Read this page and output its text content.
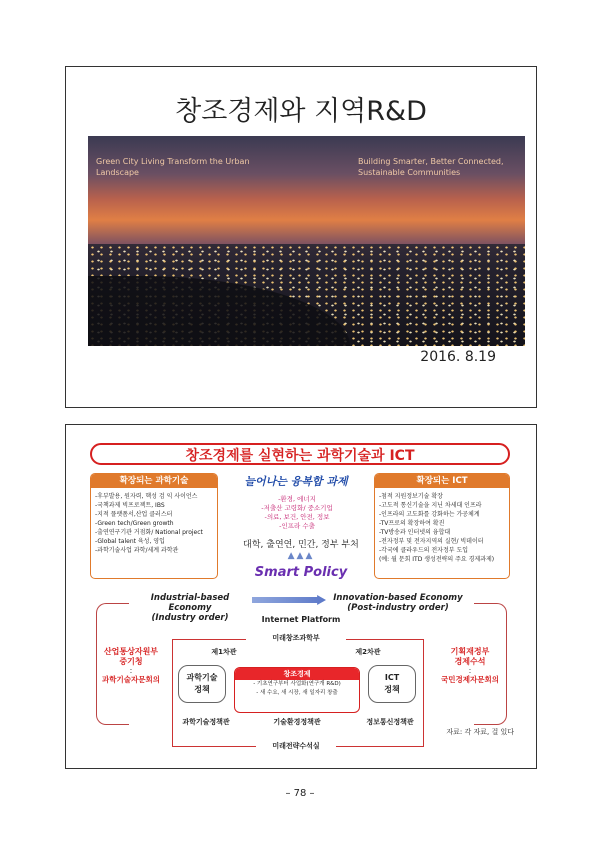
창조경제와 지역R&D
Green City Living Transform the Urban Landscape
Building Smarter, Better Connected, Sustainable Communities
2016. 8.19
창조경제를 실현하는 과학기술과 ICT
확장되는 과학기술
-후부발용, 원자력, 핵성 검 익 사이언스
-국책과제 빅프로젝트, IBS
-지적 플랫폼서,산업 클러스터
-Green tech/Green growth
-출연연구기관 거점화/ National project
-Global talent 육성, 영입
-과학기술사업 과학/세계 과학관
늘어나는 융복합 과제
-환경, 에너지
-저출산 고령화/ 중소기업
-의료, 보건, 안전, 정보
-인프라 수출
확장되는 ICT
-첨적 지원정보기술 확장
-고도적 통신기술을 지닌 차세대 인프라
-인프라의 고도화를 강화하는 가공체계
-TV프로의 확장하여 확진
-TV방송과 인터넷의 융합대
-전자정부 및 전자지역의 실현/ 빅데이터
-각국에 클라우드의 전자정부 도입
(예: 월 문회 ITD 생성전략의 주요 경제과제)
대학, 출연연, 민간, 정부 부처
▲▲▲
Smart Policy
Industrial-based Economy
(Industry order)
Innovation-based Economy
(Post-industry order)
Internet Platform
산업통상자원부
중기청
:
과학기술자문회의
기획재정부
경제수석
:
국민경제자문회의
미래창조과학부
제1차관	제2차관
과학기술
정책
ICT
정책
창조경제
- 기초연구부터 사업화(연구개 R&D)
- 새 수요, 새 시장, 새 일자리 창출
과학기술정책관	기술환경정책관	정보통신정책관
미래전략수석실
자료: 각 자료, 걸 있다
– 78 –
